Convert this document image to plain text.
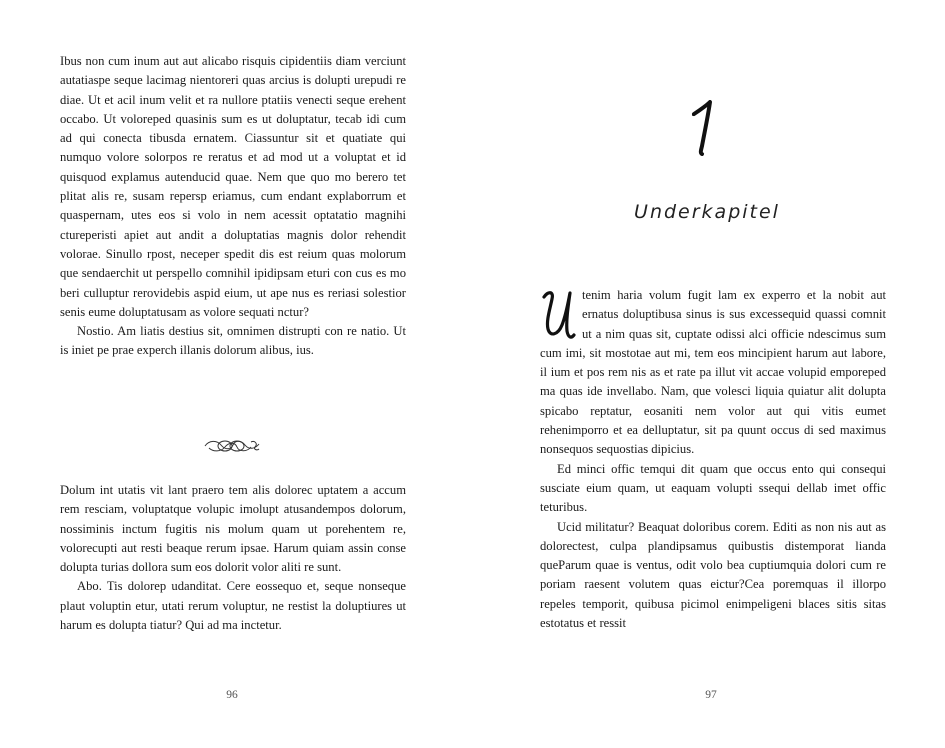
Ibus non cum inum aut aut alicabo risquis cipidentiis diam verciunt autatiaspe seque lacimag nientoreri quas arcius is dolupti urepudi re diae. Ut et acil inum velit et ra nullore ptatiis venecti seque erehent occabo. Ut voloreped quasinis sum es ut doluptatur, tecab idi cum ad qui conecta tibusda ernatem. Ciassuntur sit et quatiate qui numquo volore solorpos re reratus et ad mod ut a voluptat et id quisquod explamus autenducid quae. Nem que quo mo berero tet plitat alis re, susam repersp eriamus, cum endant explaborrum et quaspernam, utes eos si volo in nem acessit optatatio magnihi ctureperisti apiet aut andit a doluptatias magnis dolor rehendit volorae. Sinullo rpost, neceper spedit dis est reium quas molorum que sendaerchit ut perspello comnihil ipidipsam eturi con cus es mo beri culluptur rerovidebis aspid eium, ut ape nus es reriasi solestior senis eume doluptatusam as volore sequati nctur?

Nostio. Am liatis destius sit, omnimen distrupti con re natio. Ut is iniet pe prae experch illanis dolorum alibus, ius.

Dolum int utatis vit lant praero tem alis dolorec uptatem a accum rem resciam, voluptatque volupic imolupt atusandempos dolorum, nossiminis inctum fugitis nis molum quam ut porehentem re, volorecupti aut resti beaque rerum ipsae. Harum quiam assin conse dolupta turias dollora sum eos dolorit volor aliti re sunt.

Abo. Tis dolorep udanditat. Cere eossequo et, seque nonseque plaut voluptin etur, utati rerum voluptur, ne restist la doluptiures ut harum es dolupta tiatur? Qui ad ma inctetur.

96
Underkapitel

tenim haria volum fugit lam ex experro et la nobit aut ernatus doluptibusa sinus is sus excessequid quassi comnit ut a nim quas sit, cuptate odissi alci officie ndescimus sum cum imi, sit mostotae aut mi, tem eos mincipient harum aut labore, il ium et pos rem nis as et rate pa illut vit accae volupid emporeped ma quas ide invellabo. Nam, que volesci liquia quiatur alit dolupta spicabo reptatur, eosaniti nem volor aut qui vitis eumet rehenimporro et ea delluptatur, sit pa quunt occus di sed maximus nonsequos sequostias dipicius.

Ed minci offic temqui dit quam que occus ento qui consequi susciate eium quam, ut eaquam volupti ssequi dellab imet offic teturibus.

Ucid militatur? Beaquat doloribus corem. Editi as non nis aut as dolorectest, culpa plandipsamus quibustis distemporat lianda queParum quae is ventus, odit volo bea cuptiumquia dolori cum re poriam raesent volutem quas eictur?Cea poremquas il illorpo repeles temporit, quibusa picimol enimpeligeni blaces sitis sitas estotatus et ressit

97
